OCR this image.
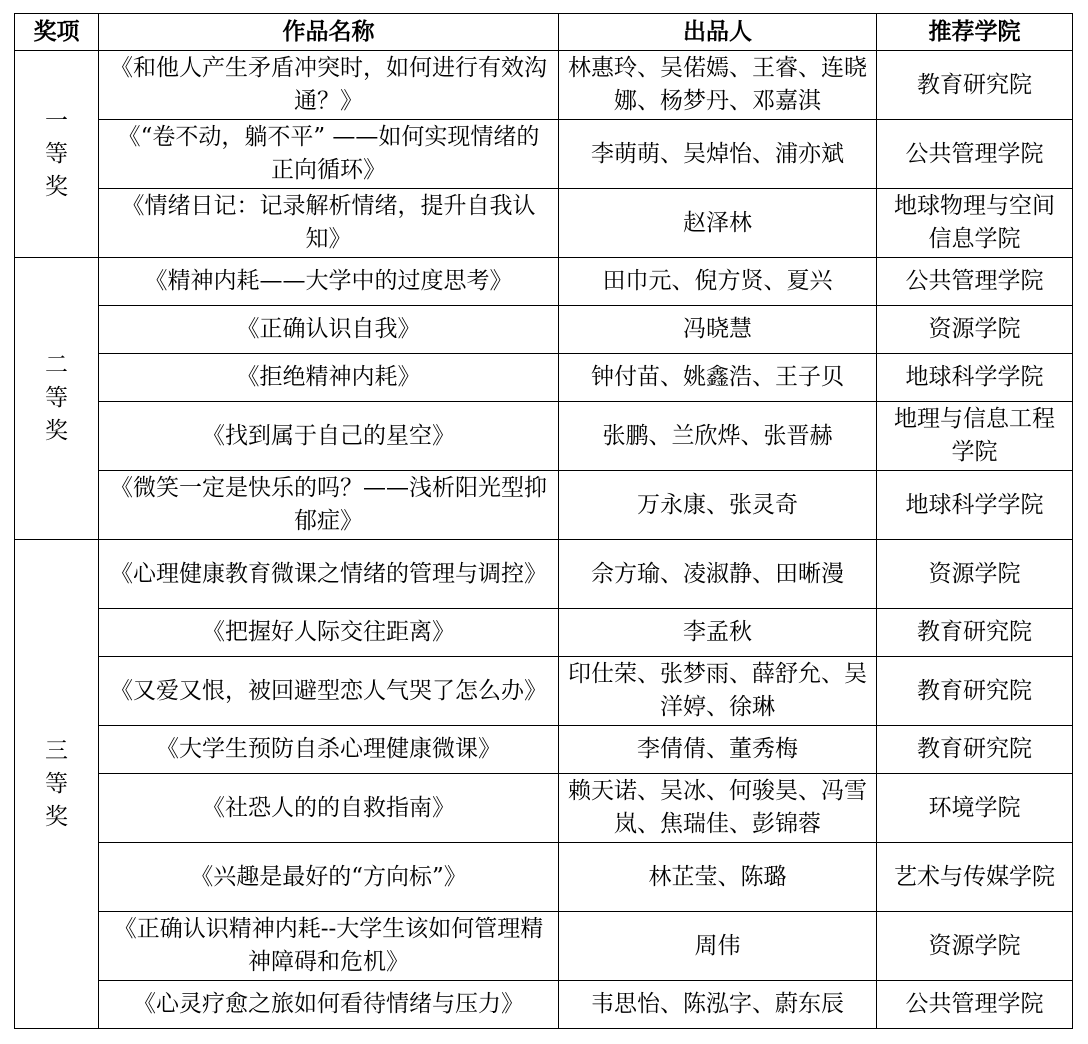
奖项	作品名称	出品人	推荐学院

一
等
奖	《和他人产生矛盾冲突时，如何进行有效沟通？》	林惠玲、吴偌嫣、王睿、连晓娜、杨梦丹、邓嘉淇	教育研究院
	《“卷不动，躺不平” ——如何实现情绪的正向循环》	李萌萌、吴焯怡、浦亦斌	公共管理学院
	《情绪日记：记录解析情绪，提升自我认知》	赵泽林	地球物理与空间信息学院

二
等
奖	《精神内耗——大学中的过度思考》	田巾元、倪方贤、夏兴	公共管理学院
	《正确认识自我》	冯晓慧	资源学院
	《拒绝精神内耗》	钟付苗、姚鑫浩、王子贝	地球科学学院
	《找到属于自己的星空》	张鹏、兰欣烨、张晋赫	地理与信息工程学院
	《微笑一定是快乐的吗？——浅析阳光型抑郁症》	万永康、张灵奇	地球科学学院

三
等
奖	《心理健康教育微课之情绪的管理与调控》	佘方瑜、凌淑静、田晰漫	资源学院
	《把握好人际交往距离》	李孟秋	教育研究院
	《又爱又恨，被回避型恋人气哭了怎么办》	印仕荣、张梦雨、薛舒允、吴洋婷、徐琳	教育研究院
	《大学生预防自杀心理健康微课》	李倩倩、董秀梅	教育研究院
	《社恐人的的自救指南》	赖天诺、吴冰、何骏昊、冯雪岚、焦瑞佳、彭锦蓉	环境学院
	《兴趣是最好的“方向标”》	林芷莹、陈璐	艺术与传媒学院
	《正确认识精神内耗--大学生该如何管理精神障碍和危机》	周伟	资源学院
	《心灵疗愈之旅如何看待情绪与压力》	韦思怡、陈泓字、蔚东辰	公共管理学院
